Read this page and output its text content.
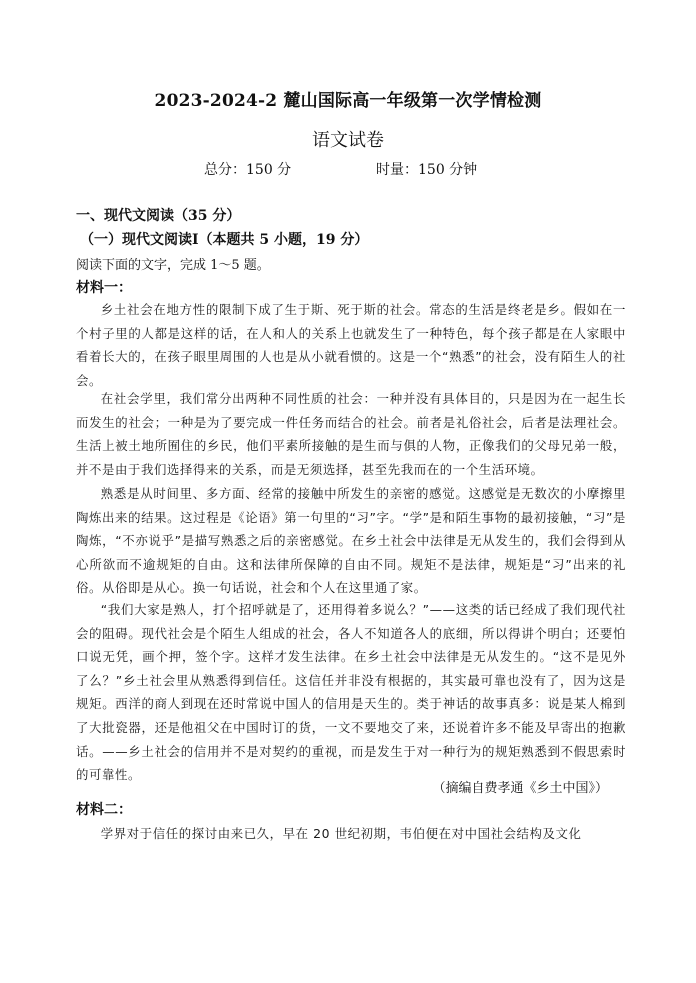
2023-2024-2 麓山国际高一年级第一次学情检测
语文试卷
总分：150 分	时量：150 分钟
一、现代文阅读（35 分）
（一）现代文阅读Ⅰ（本题共 5 小题，19 分）
阅读下面的文字，完成 1～5 题。
材料一：
乡土社会在地方性的限制下成了生于斯、死于斯的社会。常态的生活是终老是乡。假如在一个村子里的人都是这样的话，在人和人的关系上也就发生了一种特色，每个孩子都是在人家眼中看着长大的，在孩子眼里周围的人也是从小就看惯的。这是一个“熟悉”的社会，没有陌生人的社会。
在社会学里，我们常分出两种不同性质的社会：一种并没有具体目的，只是因为在一起生长而发生的社会；一种是为了要完成一件任务而结合的社会。前者是礼俗社会，后者是法理社会。生活上被土地所囿住的乡民，他们平素所接触的是生而与俱的人物，正像我们的父母兄弟一般，并不是由于我们选择得来的关系，而是无须选择，甚至先我而在的一个生活环境。
熟悉是从时间里、多方面、经常的接触中所发生的亲密的感觉。这感觉是无数次的小摩擦里陶炼出来的结果。这过程是《论语》第一句里的“习”字。“学”是和陌生事物的最初接触，“习”是陶炼，“不亦说乎”是描写熟悉之后的亲密感觉。在乡土社会中法律是无从发生的，我们会得到从心所欲而不逾规矩的自由。这和法律所保障的自由不同。规矩不是法律，规矩是“习”出来的礼俗。从俗即是从心。换一句话说，社会和个人在这里通了家。
“我们大家是熟人，打个招呼就是了，还用得着多说么？”——这类的话已经成了我们现代社会的阻碍。现代社会是个陌生人组成的社会，各人不知道各人的底细，所以得讲个明白；还要怕口说无凭，画个押，签个字。这样才发生法律。在乡土社会中法律是无从发生的。“这不是见外了么？”乡土社会里从熟悉得到信任。这信任并非没有根据的，其实最可靠也没有了，因为这是规矩。西洋的商人到现在还时常说中国人的信用是天生的。类于神话的故事真多：说是某人棉到了大批瓷器，还是他祖父在中国时订的货，一文不要地交了来，还说着许多不能及早寄出的抱歉话。——乡土社会的信用并不是对契约的重视，而是发生于对一种行为的规矩熟悉到不假思索时的可靠性。
（摘编自费孝通《乡土中国》）
材料二：
学界对于信任的探讨由来已久，早在 20 世纪初期，韦伯便在对中国社会结构及文化
